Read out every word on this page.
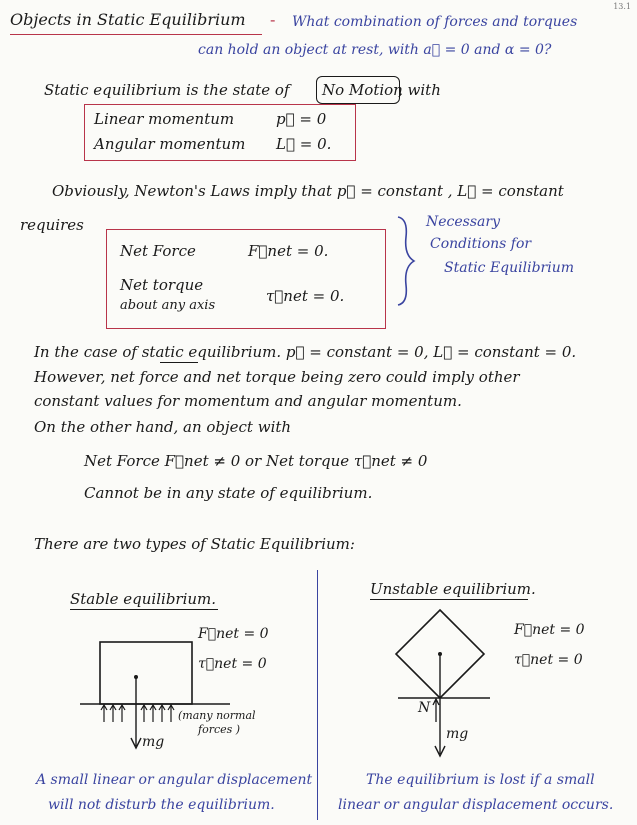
13.1
Objects in Static Equilibrium - What combination of forces and torques
can hold an object at rest, with a⃗ = 0 and α = 0?
Static equilibrium is the state of No Motion
, with
Linear momentum	p⃗ = 0
Angular momentum L⃗ = 0.
Obviously, Newton's Laws imply that p⃗ = constant , L⃗ = constant
requires
Net Force	F⃗net = 0.
Net torque
about any axis
τ⃗net = 0.
Necessary
Conditions for
Static Equilibrium
In the case of static equilibrium. p⃗ = constant = 0, L⃗ = constant = 0.
However, net force and net torque being zero could imply other
constant values for momentum and angular momentum.
On the other hand, an object with
Net Force F⃗net ≠ 0 or Net torque τ⃗net ≠ 0
Cannot be in any state of equilibrium.
There are two types of Static Equilibrium:
Stable equilibrium.
F⃗net = 0
τ⃗net = 0
(many normal
forces )
mg
A small linear or angular displacement
will not disturb the equilibrium.
Unstable equilibrium.
F⃗net = 0
τ⃗net = 0
N
mg
The equilibrium is lost if a small
linear or angular displacement occurs.
